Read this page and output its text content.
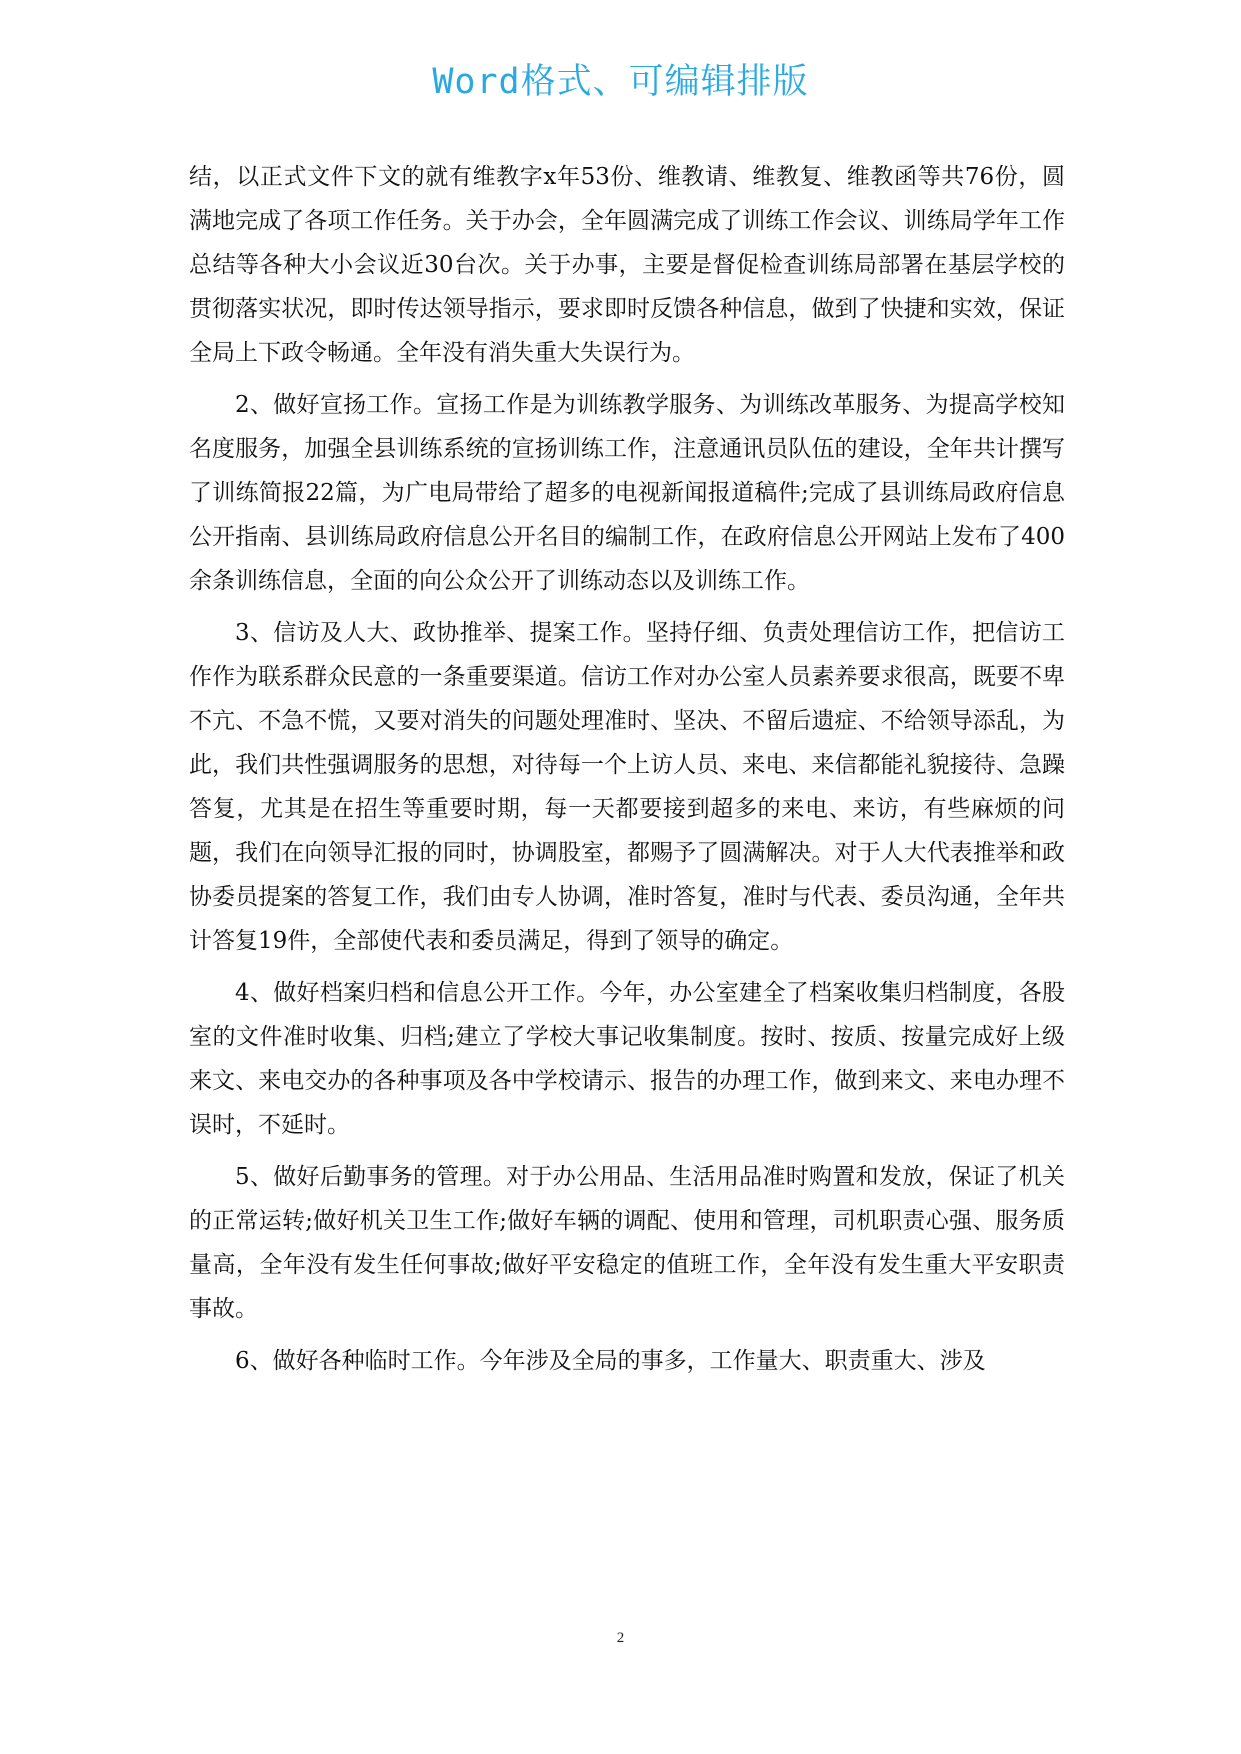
Word格式、可编辑排版

结，以正式文件下文的就有维教字x年53份、维教请、维教复、维教函等共76份，圆满地完成了各项工作任务。关于办会，全年圆满完成了训练工作会议、训练局学年工作总结等各种大小会议近30台次。关于办事，主要是督促检查训练局部署在基层学校的贯彻落实状况，即时传达领导指示，要求即时反馈各种信息，做到了快捷和实效，保证全局上下政令畅通。全年没有消失重大失误行为。

2、做好宣扬工作。宣扬工作是为训练教学服务、为训练改革服务、为提高学校知名度服务，加强全县训练系统的宣扬训练工作，注意通讯员队伍的建设，全年共计撰写了训练简报22篇，为广电局带给了超多的电视新闻报道稿件;完成了县训练局政府信息公开指南、县训练局政府信息公开名目的编制工作，在政府信息公开网站上发布了400余条训练信息，全面的向公众公开了训练动态以及训练工作。

3、信访及人大、政协推举、提案工作。坚持仔细、负责处理信访工作，把信访工作作为联系群众民意的一条重要渠道。信访工作对办公室人员素养要求很高，既要不卑不亢、不急不慌，又要对消失的问题处理准时、坚决、不留后遗症、不给领导添乱，为此，我们共性强调服务的思想，对待每一个上访人员、来电、来信都能礼貌接待、急躁答复，尤其是在招生等重要时期，每一天都要接到超多的来电、来访，有些麻烦的问题，我们在向领导汇报的同时，协调股室，都赐予了圆满解决。对于人大代表推举和政协委员提案的答复工作，我们由专人协调，准时答复，准时与代表、委员沟通，全年共计答复19件，全部使代表和委员满足，得到了领导的确定。

4、做好档案归档和信息公开工作。今年，办公室建全了档案收集归档制度，各股室的文件准时收集、归档;建立了学校大事记收集制度。按时、按质、按量完成好上级来文、来电交办的各种事项及各中学校请示、报告的办理工作，做到来文、来电办理不误时，不延时。

5、做好后勤事务的管理。对于办公用品、生活用品准时购置和发放，保证了机关的正常运转;做好机关卫生工作;做好车辆的调配、使用和管理，司机职责心强、服务质量高，全年没有发生任何事故;做好平安稳定的值班工作，全年没有发生重大平安职责事故。

6、做好各种临时工作。今年涉及全局的事多，工作量大、职责重大、涉及

2
